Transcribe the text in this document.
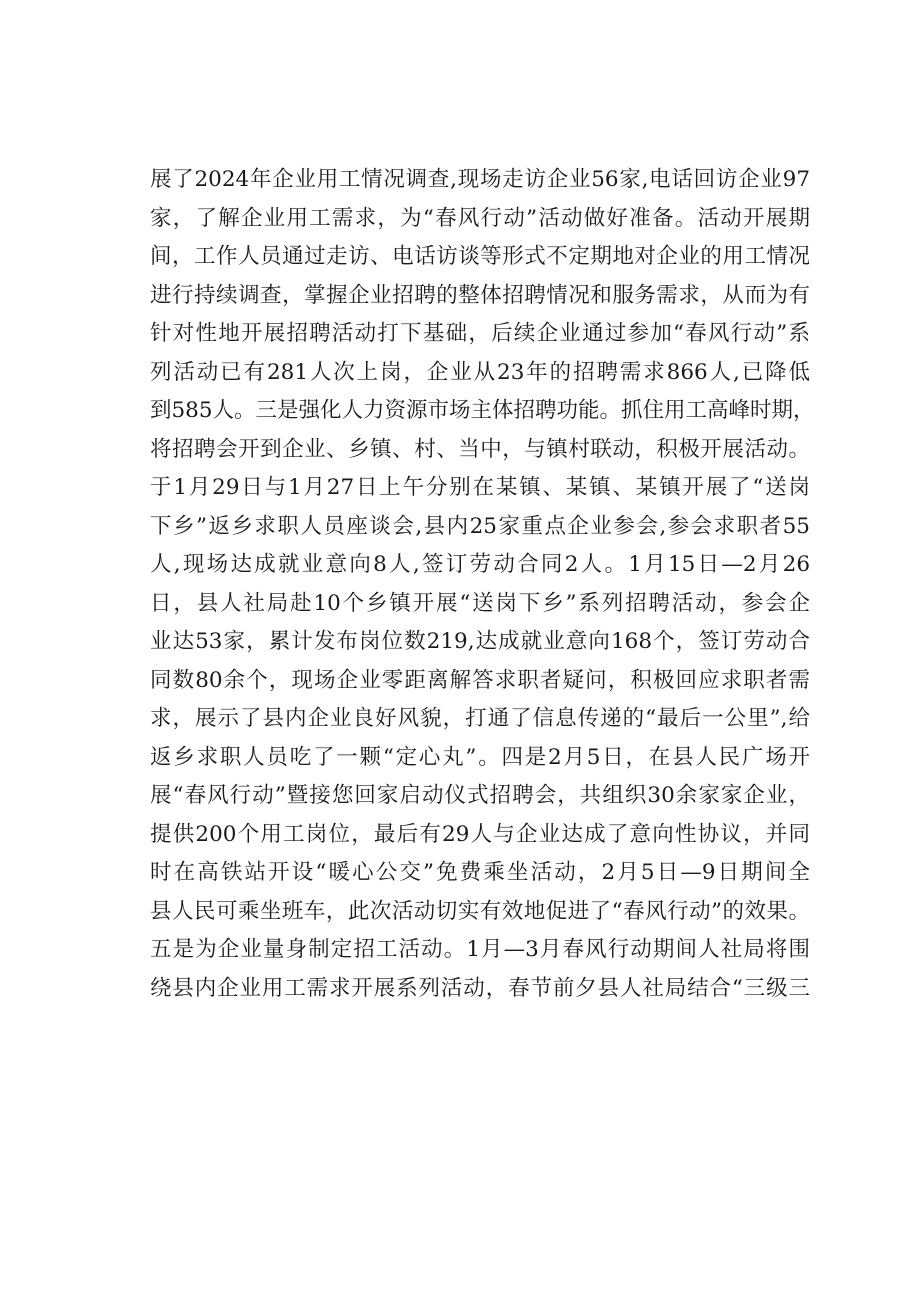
展了2024年企业用工情况调查,现场走访企业56家,电话回访企业97
家，了解企业用工需求，为“春风行动”活动做好准备。活动开展期
间，工作人员通过走访、电话访谈等形式不定期地对企业的用工情况
进行持续调查，掌握企业招聘的整体招聘情况和服务需求，从而为有
针对性地开展招聘活动打下基础，后续企业通过参加“春风行动”系
列活动已有281人次上岗，企业从23年的招聘需求866人,已降低
到585人。三是强化人力资源市场主体招聘功能。抓住用工高峰时期，
将招聘会开到企业、乡镇、村、当中，与镇村联动，积极开展活动。
于1月29日与1月27日上午分别在某镇、某镇、某镇开展了“送岗
下乡”返乡求职人员座谈会,县内25家重点企业参会,参会求职者55
人,现场达成就业意向8人,签订劳动合同2人。1月15日—2月26
日，县人社局赴10个乡镇开展“送岗下乡”系列招聘活动，参会企
业达53家，累计发布岗位数219,达成就业意向168个，签订劳动合
同数80余个，现场企业零距离解答求职者疑问，积极回应求职者需
求，展示了县内企业良好风貌，打通了信息传递的“最后一公里”,给
返乡求职人员吃了一颗“定心丸”。四是2月5日，在县人民广场开
展“春风行动”暨接您回家启动仪式招聘会，共组织30余家家企业，
提供200个用工岗位，最后有29人与企业达成了意向性协议，并同
时在高铁站开设“暖心公交”免费乘坐活动，2月5日—9日期间全
县人民可乘坐班车，此次活动切实有效地促进了“春风行动”的效果。
五是为企业量身制定招工活动。1月—3月春风行动期间人社局将围
绕县内企业用工需求开展系列活动，春节前夕县人社局结合“三级三
